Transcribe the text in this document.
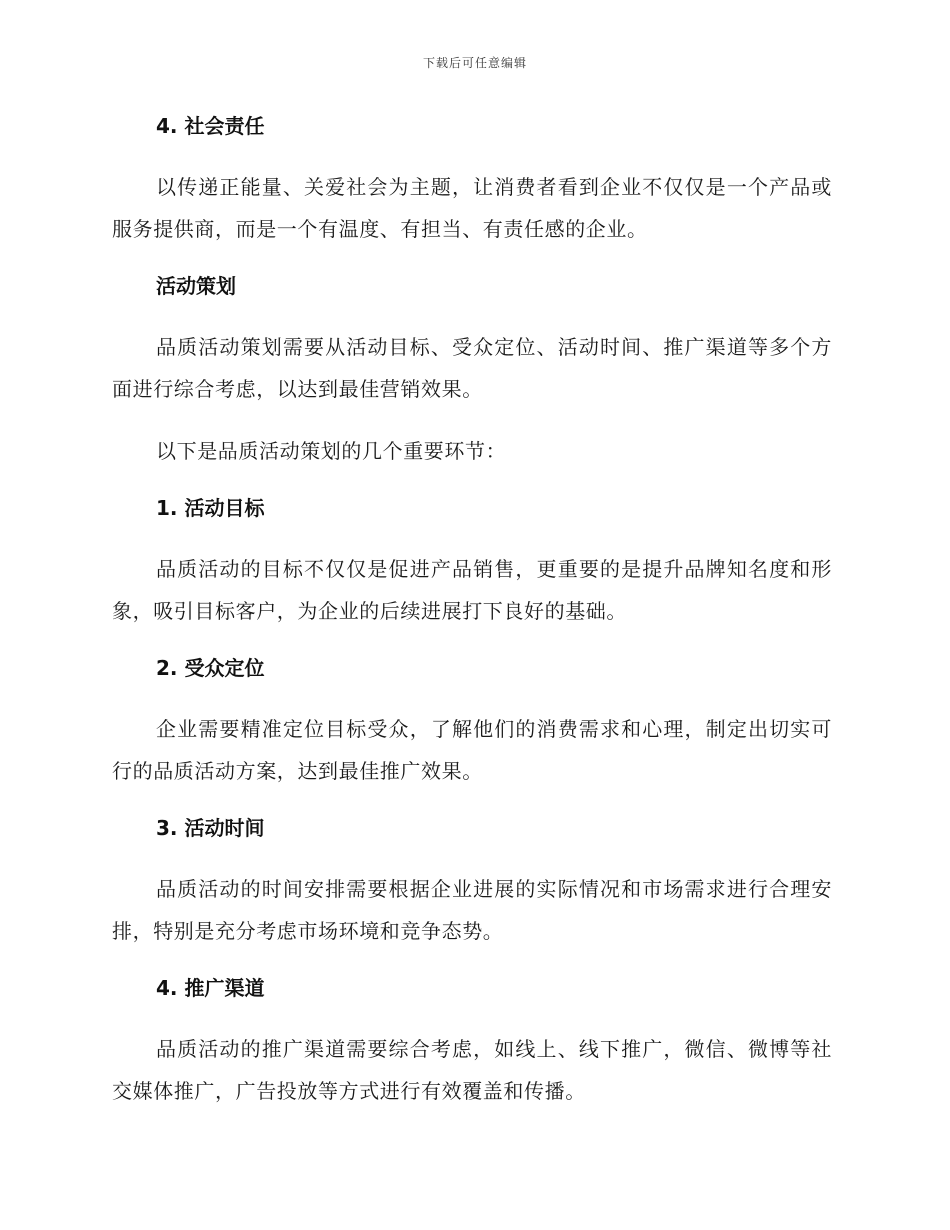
下载后可任意编辑
4. 社会责任

以传递正能量、关爱社会为主题，让消费者看到企业不仅仅是一个产品或服务提供商，而是一个有温度、有担当、有责任感的企业。

活动策划

品质活动策划需要从活动目标、受众定位、活动时间、推广渠道等多个方面进行综合考虑，以达到最佳营销效果。

以下是品质活动策划的几个重要环节：

1. 活动目标

品质活动的目标不仅仅是促进产品销售，更重要的是提升品牌知名度和形象，吸引目标客户，为企业的后续进展打下良好的基础。

2. 受众定位

企业需要精准定位目标受众，了解他们的消费需求和心理，制定出切实可行的品质活动方案，达到最佳推广效果。

3. 活动时间

品质活动的时间安排需要根据企业进展的实际情况和市场需求进行合理安排，特别是充分考虑市场环境和竞争态势。

4. 推广渠道

品质活动的推广渠道需要综合考虑，如线上、线下推广，微信、微博等社交媒体推广，广告投放等方式进行有效覆盖和传播。
